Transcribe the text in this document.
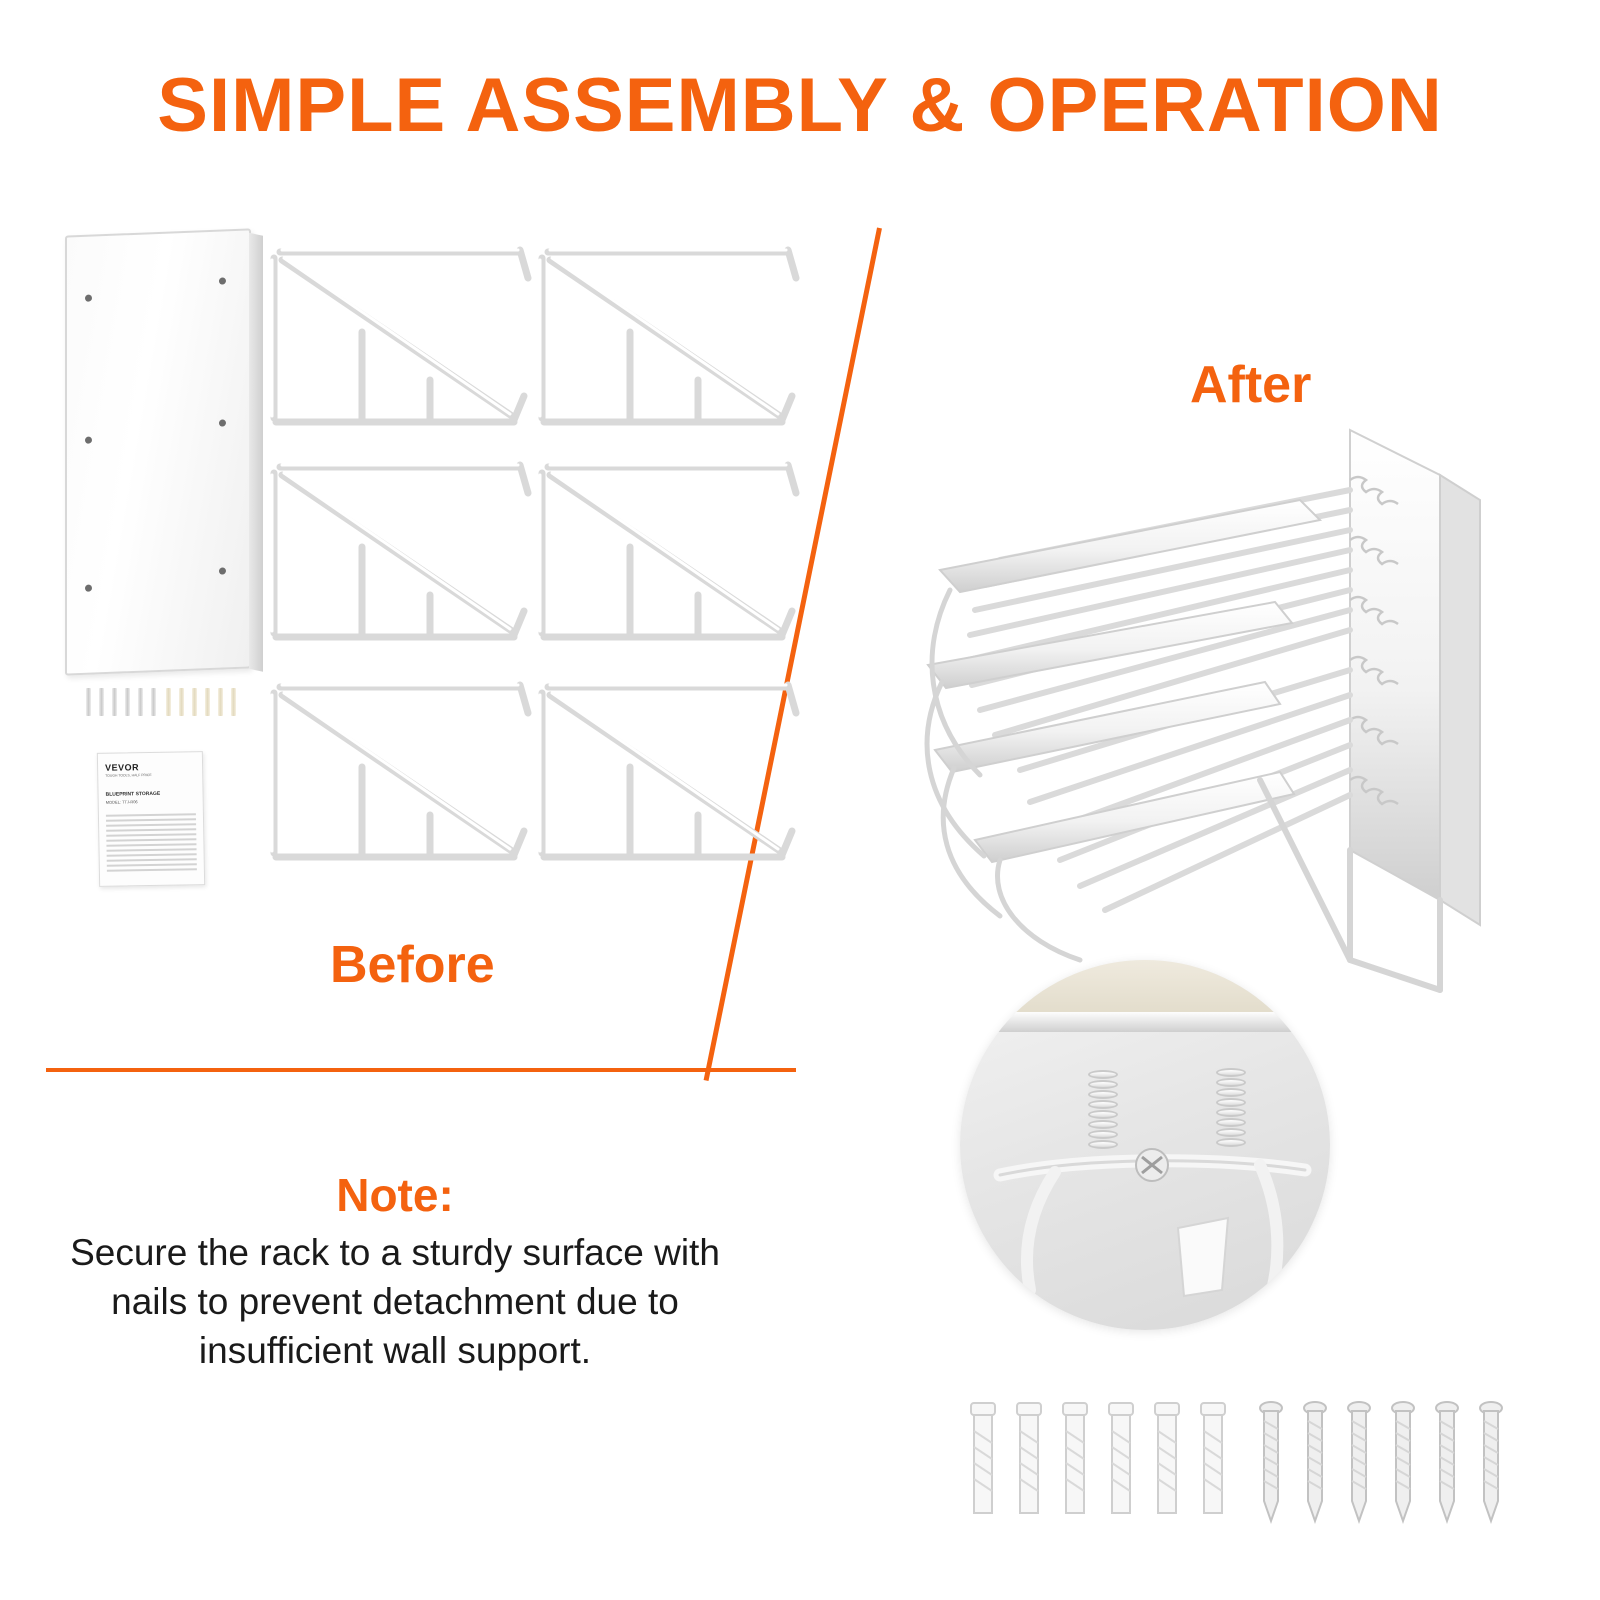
SIMPLE ASSEMBLY & OPERATION
VEVOR
TOUGH TOOLS, HALF PRICE
BLUEPRINT STORAGE
MODEL: TTJ-R06
Before
After
Note:
Secure the rack to a sturdy surface with nails to prevent detachment due to insufficient wall support.
